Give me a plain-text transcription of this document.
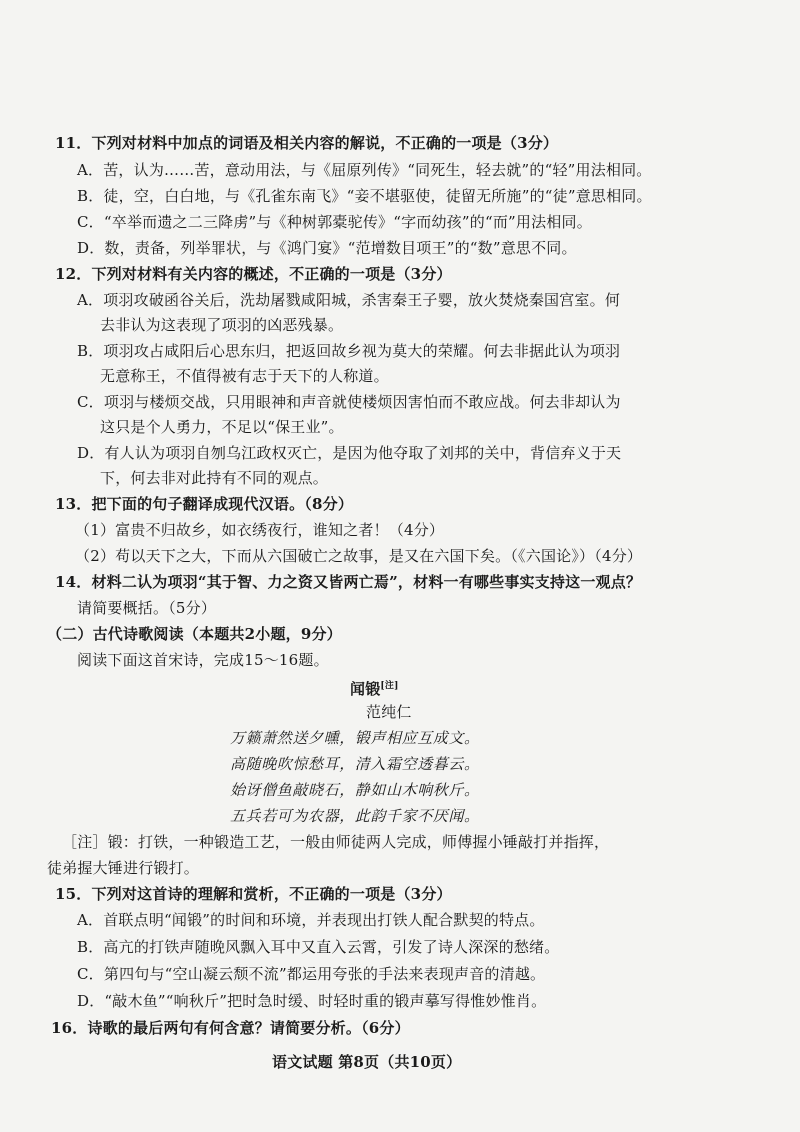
11．下列对材料中加点的词语及相关内容的解说，不正确的一项是（3分）
A．苦，认为……苦，意动用法，与《屈原列传》“同死生，轻去就”的“轻”用法相同。
B．徒，空，白白地，与《孔雀东南飞》“妾不堪驱使，徒留无所施”的“徒”意思相同。
C．“卒举而遗之二三降虏”与《种树郭橐驼传》“字而幼孩”的“而”用法相同。
D．数，责备，列举罪状，与《鸿门宴》“范增数目项王”的“数”意思不同。
12．下列对材料有关内容的概述，不正确的一项是（3分）
A．项羽攻破函谷关后，洗劫屠戮咸阳城，杀害秦王子婴，放火焚烧秦国宫室。何
去非认为这表现了项羽的凶恶残暴。
B．项羽攻占咸阳后心思东归，把返回故乡视为莫大的荣耀。何去非据此认为项羽
无意称王，不值得被有志于天下的人称道。
C．项羽与楼烦交战，只用眼神和声音就使楼烦因害怕而不敢应战。何去非却认为
这只是个人勇力，不足以“保王业”。
D．有人认为项羽自刎乌江政权灭亡，是因为他夺取了刘邦的关中，背信弃义于天
下，何去非对此持有不同的观点。
13．把下面的句子翻译成现代汉语。（8分）
（1）富贵不归故乡，如衣绣夜行，谁知之者！（4分）
（2）苟以天下之大，下而从六国破亡之故事，是又在六国下矣。（《六国论》）（4分）
14．材料二认为项羽“其于智、力之资又皆两亡焉”，材料一有哪些事实支持这一观点？
请简要概括。（5分）
（二）古代诗歌阅读（本题共2小题，9分）
阅读下面这首宋诗，完成15～16题。
闻锻[注]
范纯仁
万籁萧然送夕曛，锻声相应互成文。
高随晚吹惊愁耳，清入霜空透暮云。
始讶僧鱼敲晓石，静如山木响秋斤。
五兵若可为农器，此韵千家不厌闻。
［注］锻：打铁，一种锻造工艺，一般由师徒两人完成，师傅握小锤敲打并指挥，
徒弟握大锤进行锻打。
15．下列对这首诗的理解和赏析，不正确的一项是（3分）
A．首联点明“闻锻”的时间和环境，并表现出打铁人配合默契的特点。
B．高亢的打铁声随晚风飘入耳中又直入云霄，引发了诗人深深的愁绪。
C．第四句与“空山凝云颓不流”都运用夸张的手法来表现声音的清越。
D．“敲木鱼”“响秋斤”把时急时缓、时轻时重的锻声摹写得惟妙惟肖。
16．诗歌的最后两句有何含意？请简要分析。（6分）
语文试题 第8页（共10页）
